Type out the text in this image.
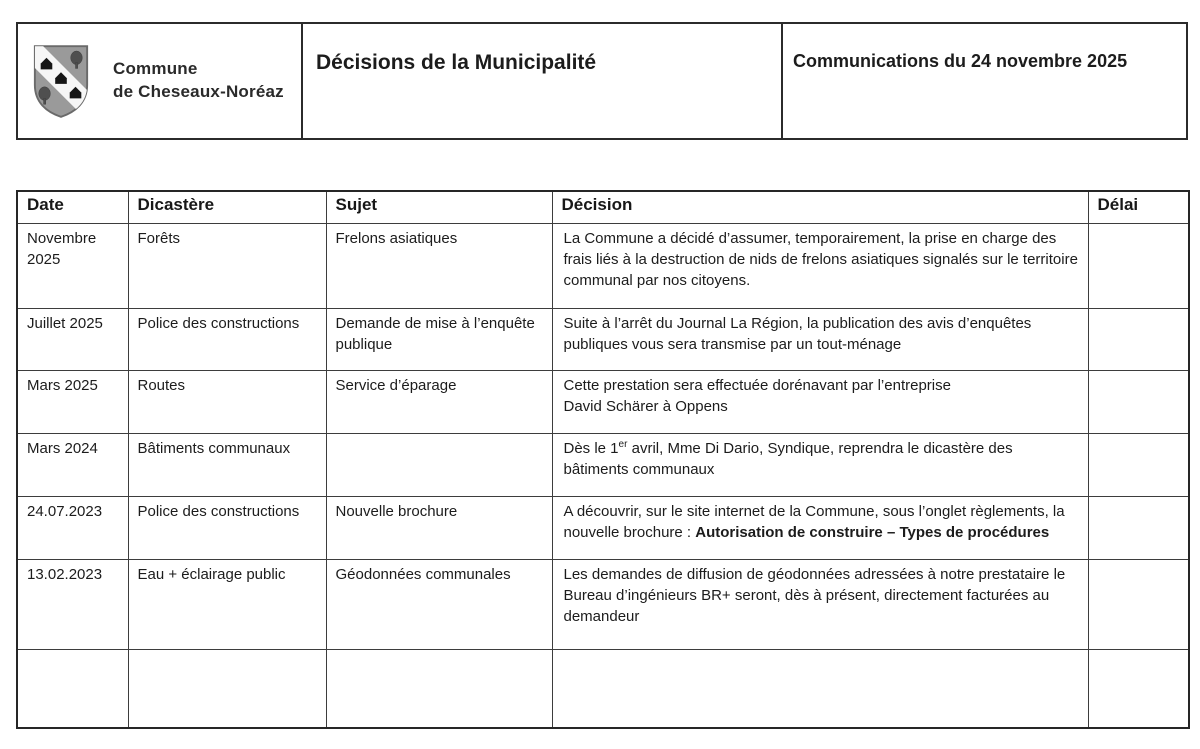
Commune
de Cheseaux-Noréaz
Décisions de la Municipalité	Communications du 24 novembre 2025
Date	Dicastère	Sujet	Décision	Délai
Novembre 2025	Forêts	Frelons asiatiques	La Commune a décidé d’assumer, temporairement, la prise en charge des frais liés à la destruction de nids de frelons asiatiques signalés sur le territoire communal par nos citoyens.	
Juillet 2025	Police des constructions	Demande de mise à l’enquête publique	Suite à l’arrêt du Journal La Région, la publication des avis d’enquêtes publiques vous sera transmise par un tout-ménage	
Mars 2025	Routes	Service d’éparage	Cette prestation sera effectuée dorénavant par l’entreprise
David Schärer à Oppens	
Mars 2024	Bâtiments communaux		Dès le 1er avril, Mme Di Dario, Syndique, reprendra le dicastère des bâtiments communaux	
24.07.2023	Police des constructions	Nouvelle brochure	A découvrir, sur le site internet de la Commune, sous l’onglet règlements, la nouvelle brochure : Autorisation de construire – Types de procédures	
13.02.2023	Eau + éclairage public	Géodonnées communales	Les demandes de diffusion de géodonnées adressées à notre prestataire le Bureau d’ingénieurs BR+ seront, dès à présent, directement facturées au demandeur	
